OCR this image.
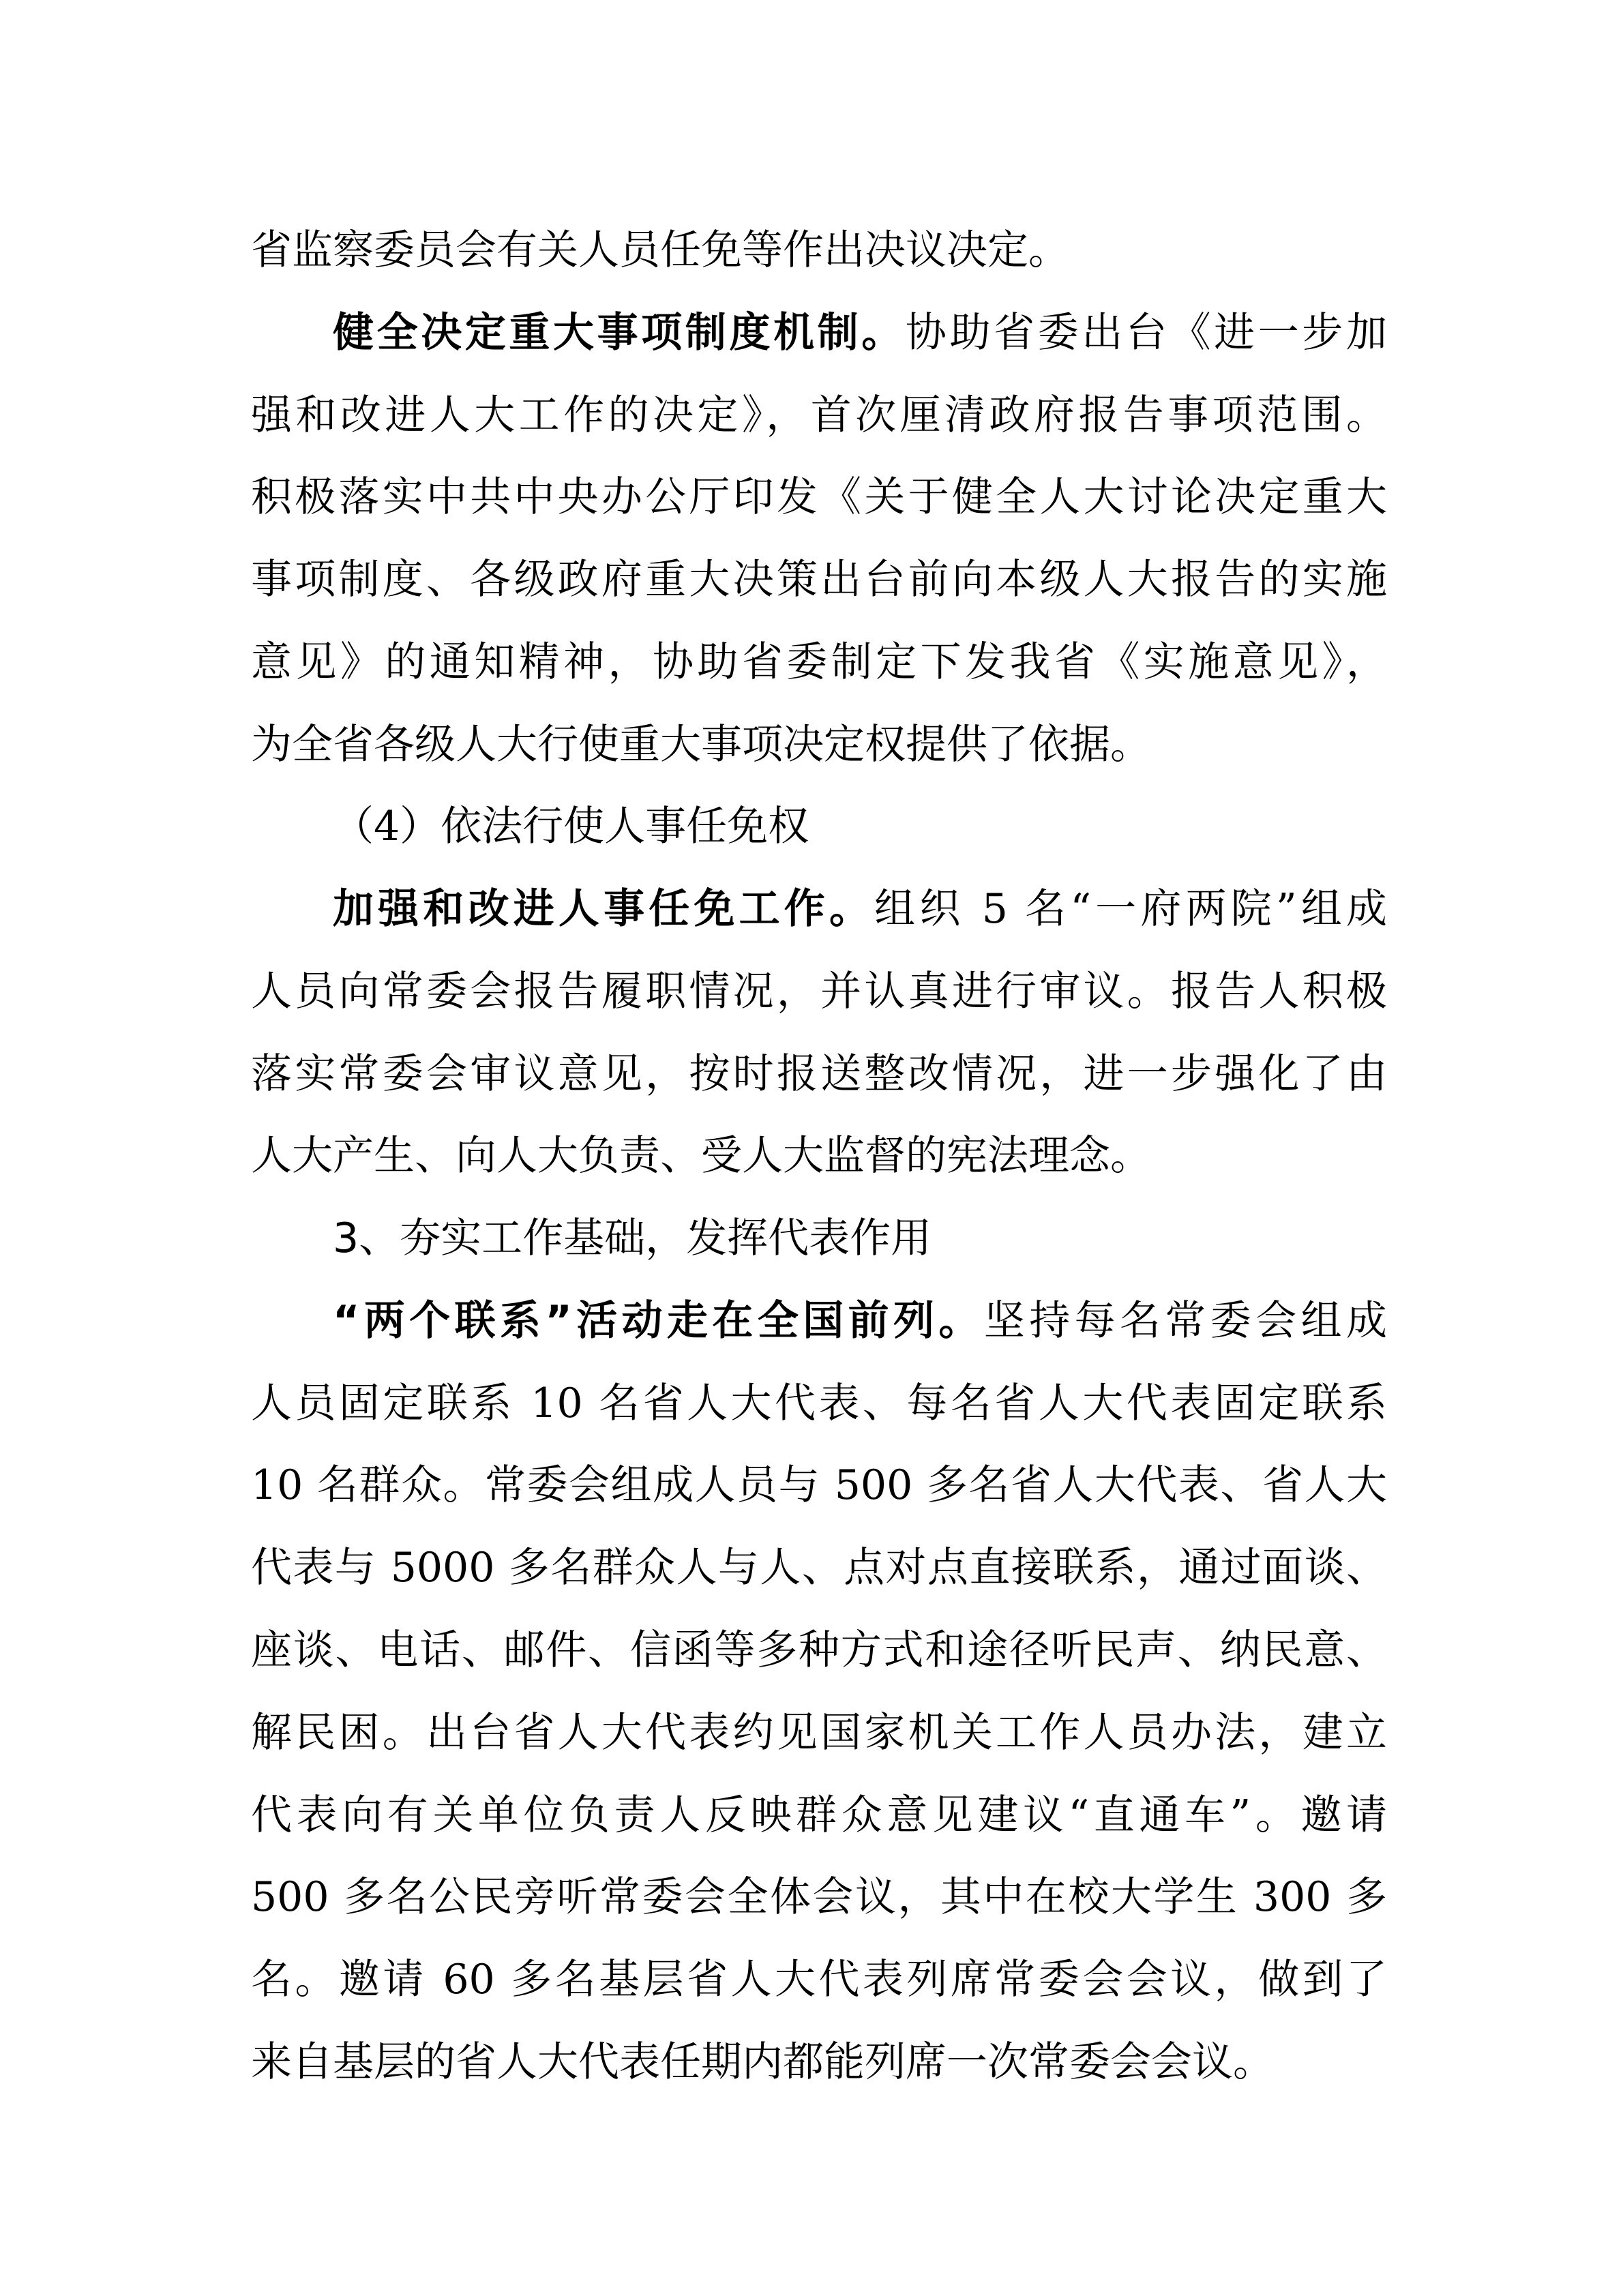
省监察委员会有关人员任免等作出决议决定。
健全决定重大事项制度机制。协助省委出台《进一步加
强和改进人大工作的决定》，首次厘清政府报告事项范围。
积极落实中共中央办公厅印发《关于健全人大讨论决定重大
事项制度、各级政府重大决策出台前向本级人大报告的实施
意见》的通知精神，协助省委制定下发我省《实施意见》，
为全省各级人大行使重大事项决定权提供了依据。
（4）依法行使人事任免权
加强和改进人事任免工作。组织 5 名“一府两院”组成
人员向常委会报告履职情况，并认真进行审议。报告人积极
落实常委会审议意见，按时报送整改情况，进一步强化了由
人大产生、向人大负责、受人大监督的宪法理念。
3、夯实工作基础，发挥代表作用
“两个联系”活动走在全国前列。坚持每名常委会组成
人员固定联系 10 名省人大代表、每名省人大代表固定联系
10 名群众。常委会组成人员与 500 多名省人大代表、省人大
代表与 5000 多名群众人与人、点对点直接联系，通过面谈、
座谈、电话、邮件、信函等多种方式和途径听民声、纳民意、
解民困。出台省人大代表约见国家机关工作人员办法，建立
代表向有关单位负责人反映群众意见建议“直通车”。邀请
500 多名公民旁听常委会全体会议，其中在校大学生 300 多
名。邀请 60 多名基层省人大代表列席常委会会议，做到了
来自基层的省人大代表任期内都能列席一次常委会会议。
